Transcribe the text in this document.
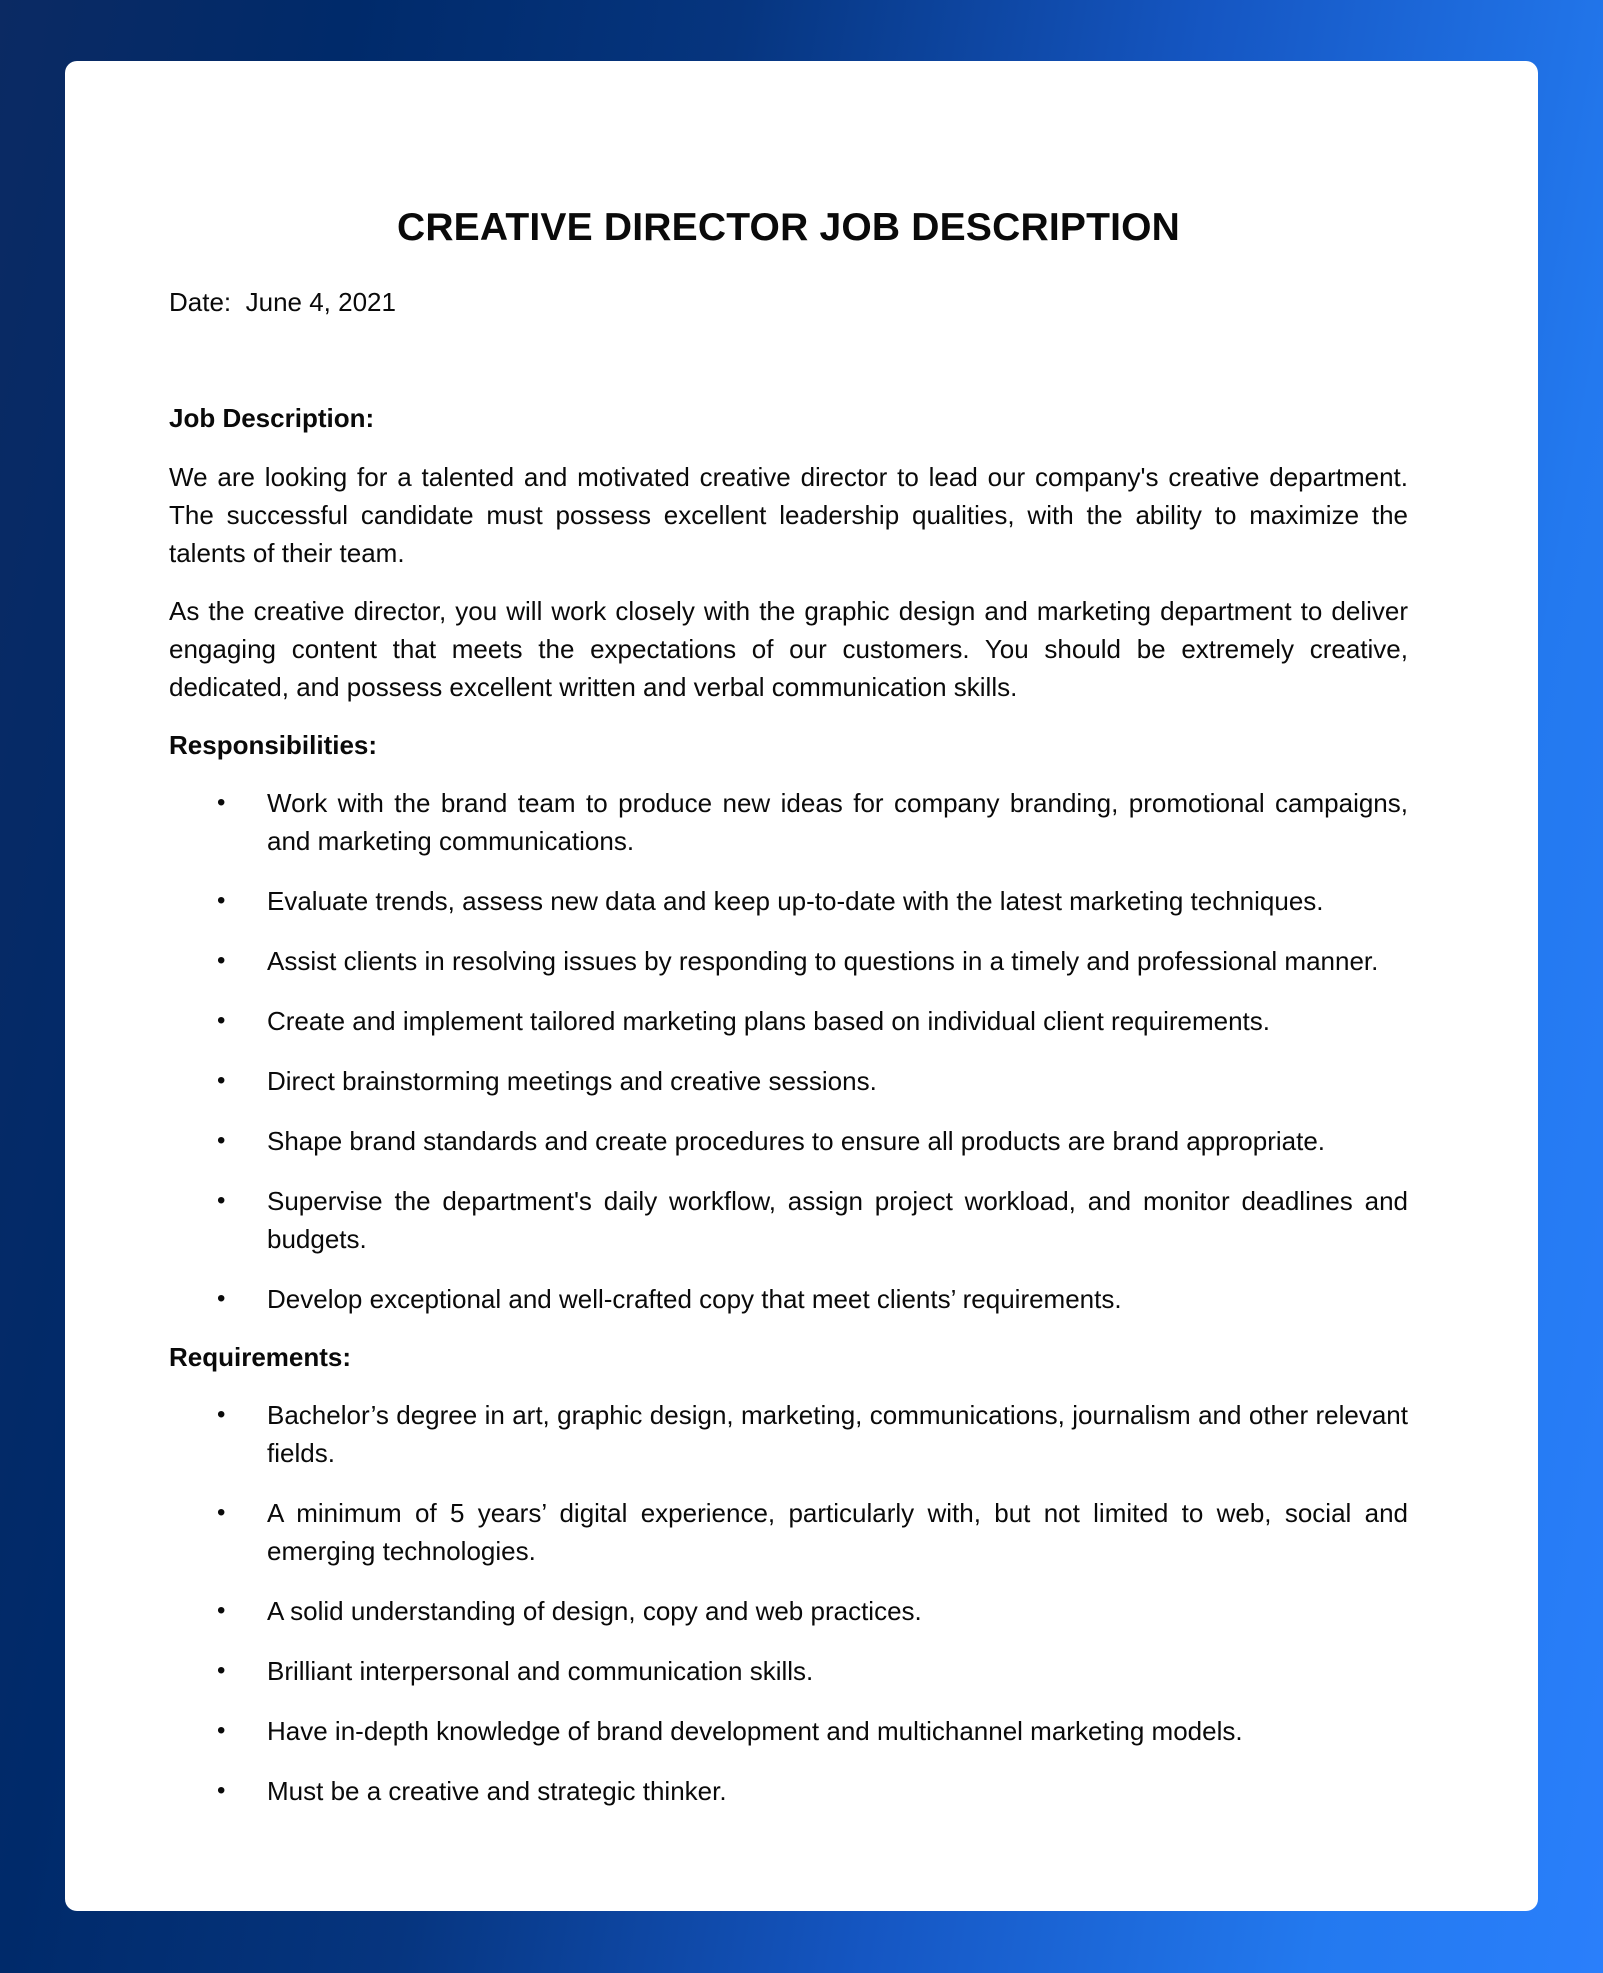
CREATIVE DIRECTOR JOB DESCRIPTION
Date: June 4, 2021
Job Description:

We are looking for a talented and motivated creative director to lead our company's creative department. The successful candidate must possess excellent leadership qualities, with the ability to maximize the talents of their team.

As the creative director, you will work closely with the graphic design and marketing department to deliver engaging content that meets the expectations of our customers. You should be extremely creative, dedicated, and possess excellent written and verbal communication skills.

Responsibilities:
• Work with the brand team to produce new ideas for company branding, promotional campaigns, and marketing communications.
• Evaluate trends, assess new data and keep up-to-date with the latest marketing techniques.
• Assist clients in resolving issues by responding to questions in a timely and professional manner.
• Create and implement tailored marketing plans based on individual client requirements.
• Direct brainstorming meetings and creative sessions.
• Shape brand standards and create procedures to ensure all products are brand appropriate.
• Supervise the department's daily workflow, assign project workload, and monitor deadlines and budgets.
• Develop exceptional and well-crafted copy that meet clients’ requirements.
Requirements:
• Bachelor’s degree in art, graphic design, marketing, communications, journalism and other relevant fields.
• A minimum of 5 years’ digital experience, particularly with, but not limited to web, social and emerging technologies.
• A solid understanding of design, copy and web practices.
• Brilliant interpersonal and communication skills.
• Have in-depth knowledge of brand development and multichannel marketing models.
• Must be a creative and strategic thinker.
